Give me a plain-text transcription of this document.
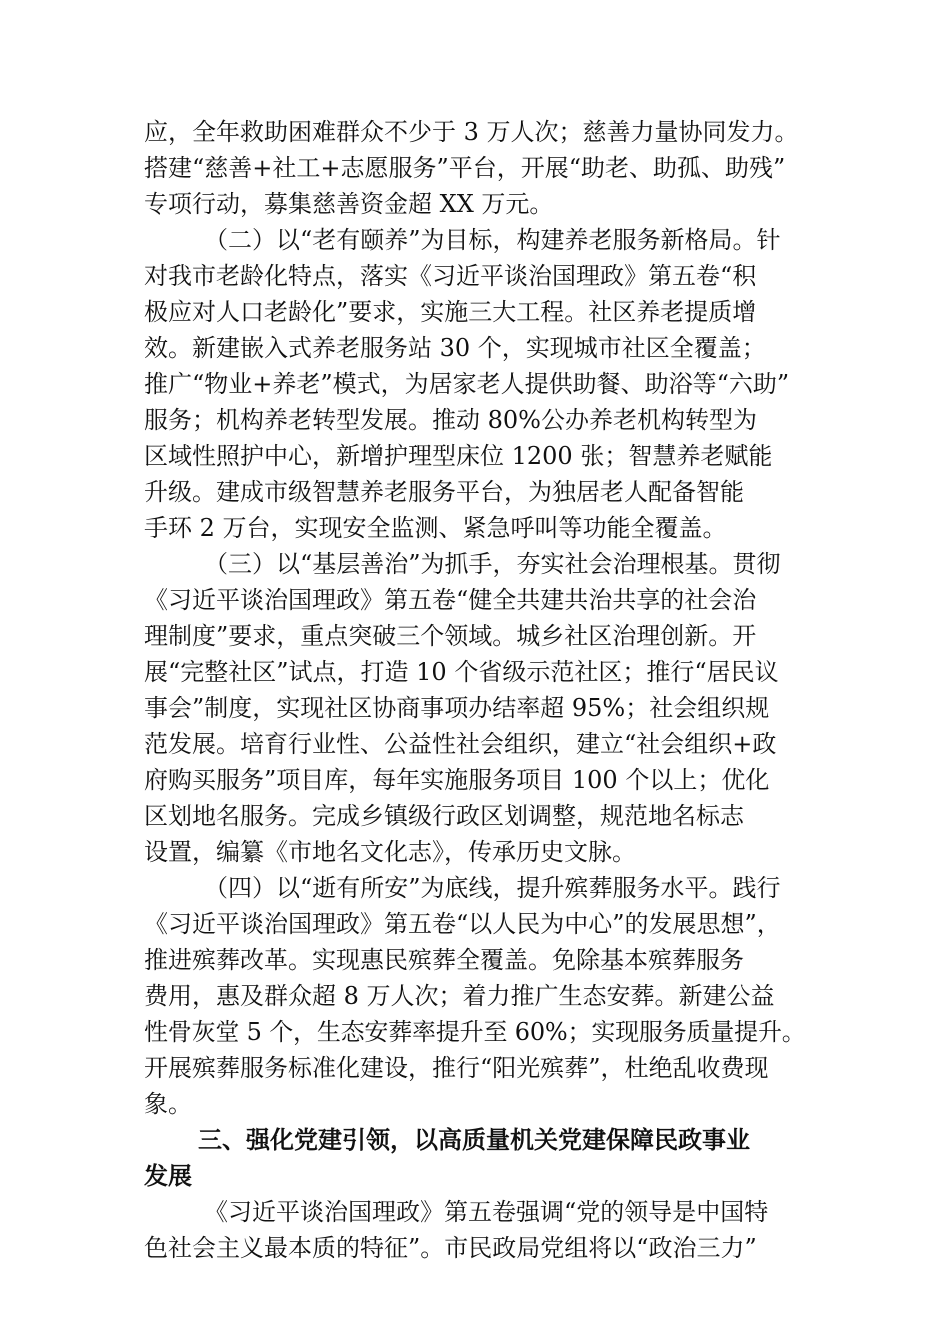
应，全年救助困难群众不少于 3 万人次；慈善力量协同发力。
搭建“慈善+社工+志愿服务”平台，开展“助老、助孤、助残”
专项行动，募集慈善资金超 XX 万元。
（二）以“老有颐养”为目标，构建养老服务新格局。针
对我市老龄化特点，落实《习近平谈治国理政》第五卷“积
极应对人口老龄化”要求，实施三大工程。社区养老提质增
效。新建嵌入式养老服务站 30 个，实现城市社区全覆盖；
推广“物业+养老”模式，为居家老人提供助餐、助浴等“六助”
服务；机构养老转型发展。推动 80%公办养老机构转型为
区域性照护中心，新增护理型床位 1200 张；智慧养老赋能
升级。建成市级智慧养老服务平台，为独居老人配备智能
手环 2 万台，实现安全监测、紧急呼叫等功能全覆盖。
（三）以“基层善治”为抓手，夯实社会治理根基。贯彻
《习近平谈治国理政》第五卷“健全共建共治共享的社会治
理制度”要求，重点突破三个领域。城乡社区治理创新。开
展“完整社区”试点，打造 10 个省级示范社区；推行“居民议
事会”制度，实现社区协商事项办结率超 95%；社会组织规
范发展。培育行业性、公益性社会组织，建立“社会组织+政
府购买服务”项目库，每年实施服务项目 100 个以上；优化
区划地名服务。完成乡镇级行政区划调整，规范地名标志
设置，编纂《市地名文化志》，传承历史文脉。
（四）以“逝有所安”为底线，提升殡葬服务水平。践行
《习近平谈治国理政》第五卷“以人民为中心”的发展思想”，
推进殡葬改革。实现惠民殡葬全覆盖。免除基本殡葬服务
费用，惠及群众超 8 万人次；着力推广生态安葬。新建公益
性骨灰堂 5 个，生态安葬率提升至 60%；实现服务质量提升。
开展殡葬服务标准化建设，推行“阳光殡葬”，杜绝乱收费现
象。
三、强化党建引领，以高质量机关党建保障民政事业
发展
《习近平谈治国理政》第五卷强调“党的领导是中国特
色社会主义最本质的特征”。市民政局党组将以“政治三力”
